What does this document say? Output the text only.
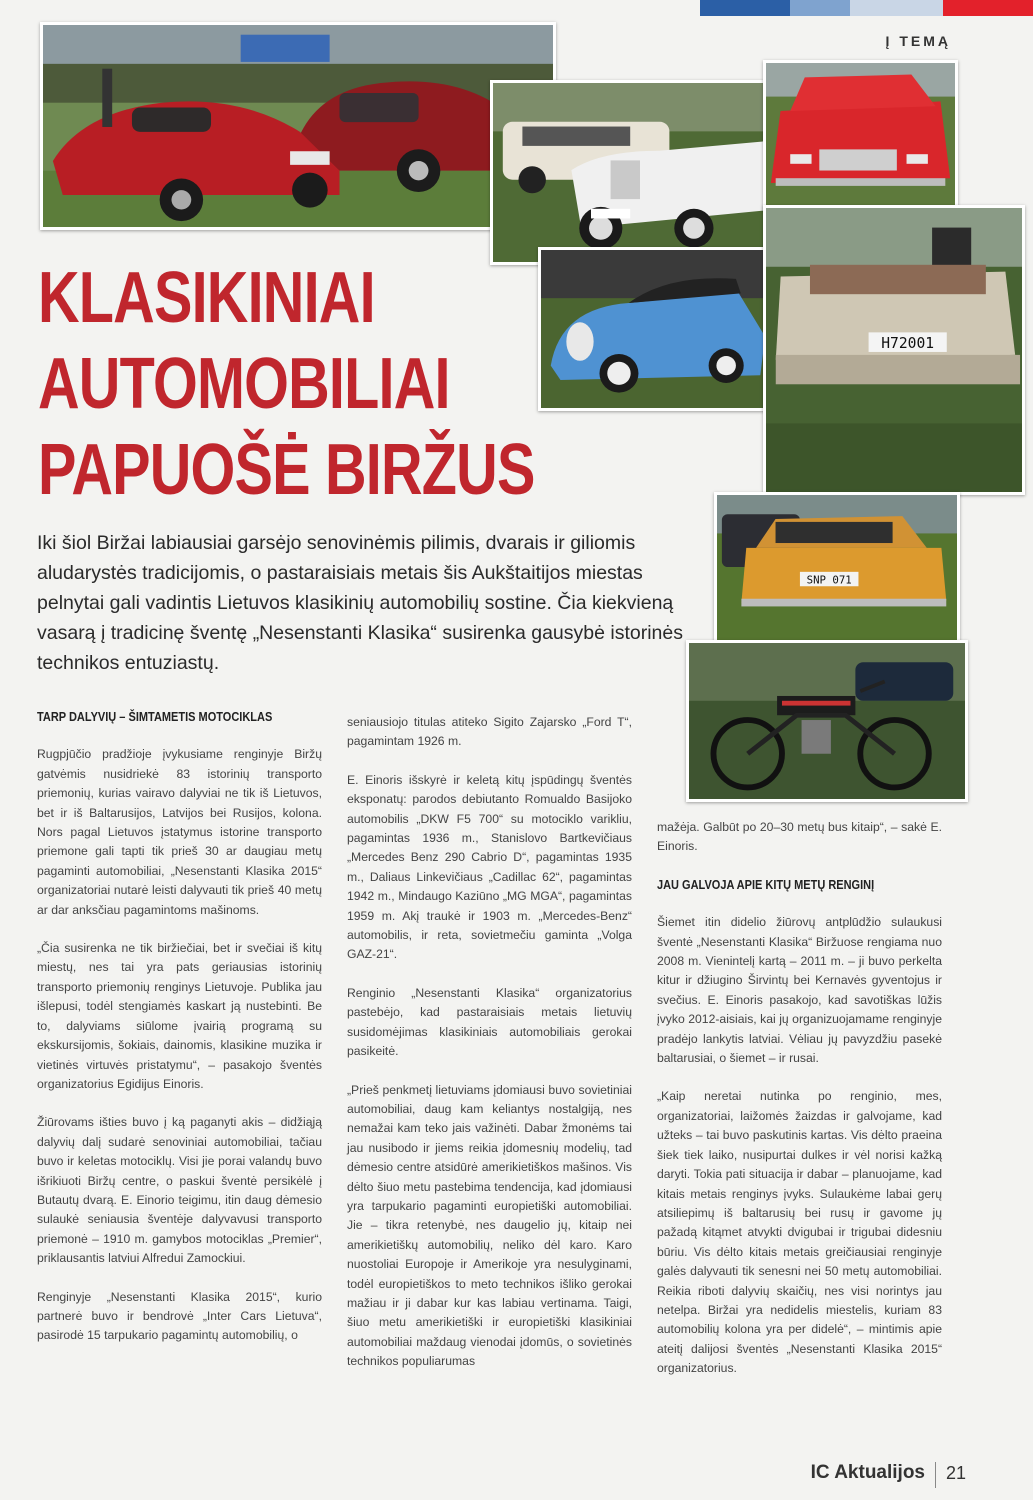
Į TEMĄ
H72001
SNP 071
KLASIKINIAI
AUTOMOBILIAI
PAPUOŠĖ BIRŽUS
Iki šiol Biržai labiausiai garsėjo senovinėmis pilimis, dvarais ir giliomis aludarystės tradicijomis, o pastaraisiais metais šis Aukštaitijos miestas pelnytai gali vadintis Lietuvos klasikinių automobilių sostine. Čia kiekvieną vasarą į tradicinę šventę „Nesenstanti Klasika“ susirenka gausybė istorinės technikos entuziastų.
TARP DALYVIŲ – ŠIMTAMETIS MOTOCIKLAS

Rugpjūčio pradžioje įvykusiame renginyje Biržų gatvėmis nusidriekė 83 istorinių transporto priemonių, kurias vairavo dalyviai ne tik iš Lietuvos, bet ir iš Baltarusijos, Latvijos bei Rusijos, kolona. Nors pagal Lietuvos įstatymus istorine transporto priemone gali tapti tik prieš 30 ar daugiau metų pagaminti automobiliai, „Nesenstanti Klasika 2015“ organizatoriai nutarė leisti dalyvauti tik prieš 40 metų ar dar anksčiau pagamintoms mašinoms.

„Čia susirenka ne tik biržiečiai, bet ir svečiai iš kitų miestų, nes tai yra pats geriausias istorinių transporto priemonių renginys Lietuvoje. Publika jau išlepusi, todėl stengiamės kaskart ją nustebinti. Be to, dalyviams siūlome įvairią programą su ekskursijomis, šokiais, dainomis, klasikine muzika ir vietinės virtuvės pristatymu“, – pasakojo šventės organizatorius Egidijus Einoris.

Žiūrovams išties buvo į ką paganyti akis – didžiąją dalyvių dalį sudarė senoviniai automobiliai, tačiau buvo ir keletas motociklų. Visi jie porai valandų buvo išrikiuoti Biržų centre, o paskui šventė persikėlė į Butautų dvarą. E. Einorio teigimu, itin daug dėmesio sulaukė seniausia šventėje dalyvavusi transporto priemonė – 1910 m. gamybos motociklas „Premier“, priklausantis latviui Alfredui Zamockiui.

Renginyje „Nesenstanti Klasika 2015“, kurio partnerė buvo ir bendrovė „Inter Cars Lietuva“, pasirodė 15 tarpukario pagamintų automobilių, o

seniausiojo titulas atiteko Sigito Zajarsko „Ford T“, pagamintam 1926 m.

E. Einoris išskyrė ir keletą kitų įspūdingų šventės eksponatų: parodos debiutanto Romualdo Basijoko automobilis „DKW F5 700“ su motociklo varikliu, pagamintas 1936 m., Stanislovo Bartkevičiaus „Mercedes Benz 290 Cabrio D“, pagamintas 1935 m., Daliaus Linkevičiaus „Cadillac 62“, pagamintas 1942 m., Mindaugo Kaziūno „MG MGA“, pagamintas 1959 m. Akį traukė ir 1903 m. „Mercedes-Benz“ automobilis, ir reta, sovietmečiu gaminta „Volga GAZ-21“.

Renginio „Nesenstanti Klasika“ organizatorius pastebėjo, kad pastaraisiais metais lietuvių susidomėjimas klasikiniais automobiliais gerokai pasikeitė.

„Prieš penkmetį lietuviams įdomiausi buvo sovietiniai automobiliai, daug kam keliantys nostalgiją, nes nemažai kam teko jais važinėti. Dabar žmonėms tai jau nusibodo ir jiems reikia įdomesnių modelių, tad dėmesio centre atsidūrė amerikietiškos mašinos. Vis dėlto šiuo metu pastebima tendencija, kad įdomiausi yra tarpukario pagaminti europietiški automobiliai. Jie – tikra retenybė, nes daugelio jų, kitaip nei amerikietiškų automobilių, neliko dėl karo. Karo nuostoliai Europoje ir Amerikoje yra nesulyginami, todėl europietiškos to meto technikos išliko gerokai mažiau ir ji dabar kur kas labiau vertinama. Taigi, šiuo metu amerikietiški ir europietiški klasikiniai automobiliai maždaug vienodai įdomūs, o sovietinės technikos populiarumas

mažėja. Galbūt po 20–30 metų bus kitaip“, – sakė E. Einoris.

JAU GALVOJA APIE KITŲ METŲ RENGINĮ

Šiemet itin didelio žiūrovų antplūdžio sulaukusi šventė „Nesenstanti Klasika“ Biržuose rengiama nuo 2008 m. Vienintelį kartą – 2011 m. – ji buvo perkelta kitur ir džiugino Širvintų bei Kernavės gyventojus ir svečius. E. Einoris pasakojo, kad savotiškas lūžis įvyko 2012-aisiais, kai jų organizuojamame renginyje pradėjo lankytis latviai. Vėliau jų pavyzdžiu pasekė baltarusiai, o šiemet – ir rusai.

„Kaip neretai nutinka po renginio, mes, organizatoriai, laižomės žaizdas ir galvojame, kad užteks – tai buvo paskutinis kartas. Vis dėlto praeina šiek tiek laiko, nusipurtai dulkes ir vėl norisi kažką daryti. Tokia pati situacija ir dabar – planuojame, kad kitais metais renginys įvyks. Sulaukėme labai gerų atsiliepimų iš baltarusių bei rusų ir gavome jų pažadą kitąmet atvykti dvigubai ir trigubai didesniu būriu. Vis dėlto kitais metais greičiausiai renginyje galės dalyvauti tik senesni nei 50 metų automobiliai. Reikia riboti dalyvių skaičių, nes visi norintys jau netelpa. Biržai yra nedidelis miestelis, kuriam 83 automobilių kolona yra per didelė“, – mintimis apie ateitį dalijosi šventės „Nesenstanti Klasika 2015“ organizatorius.

IC Aktualijos 21
